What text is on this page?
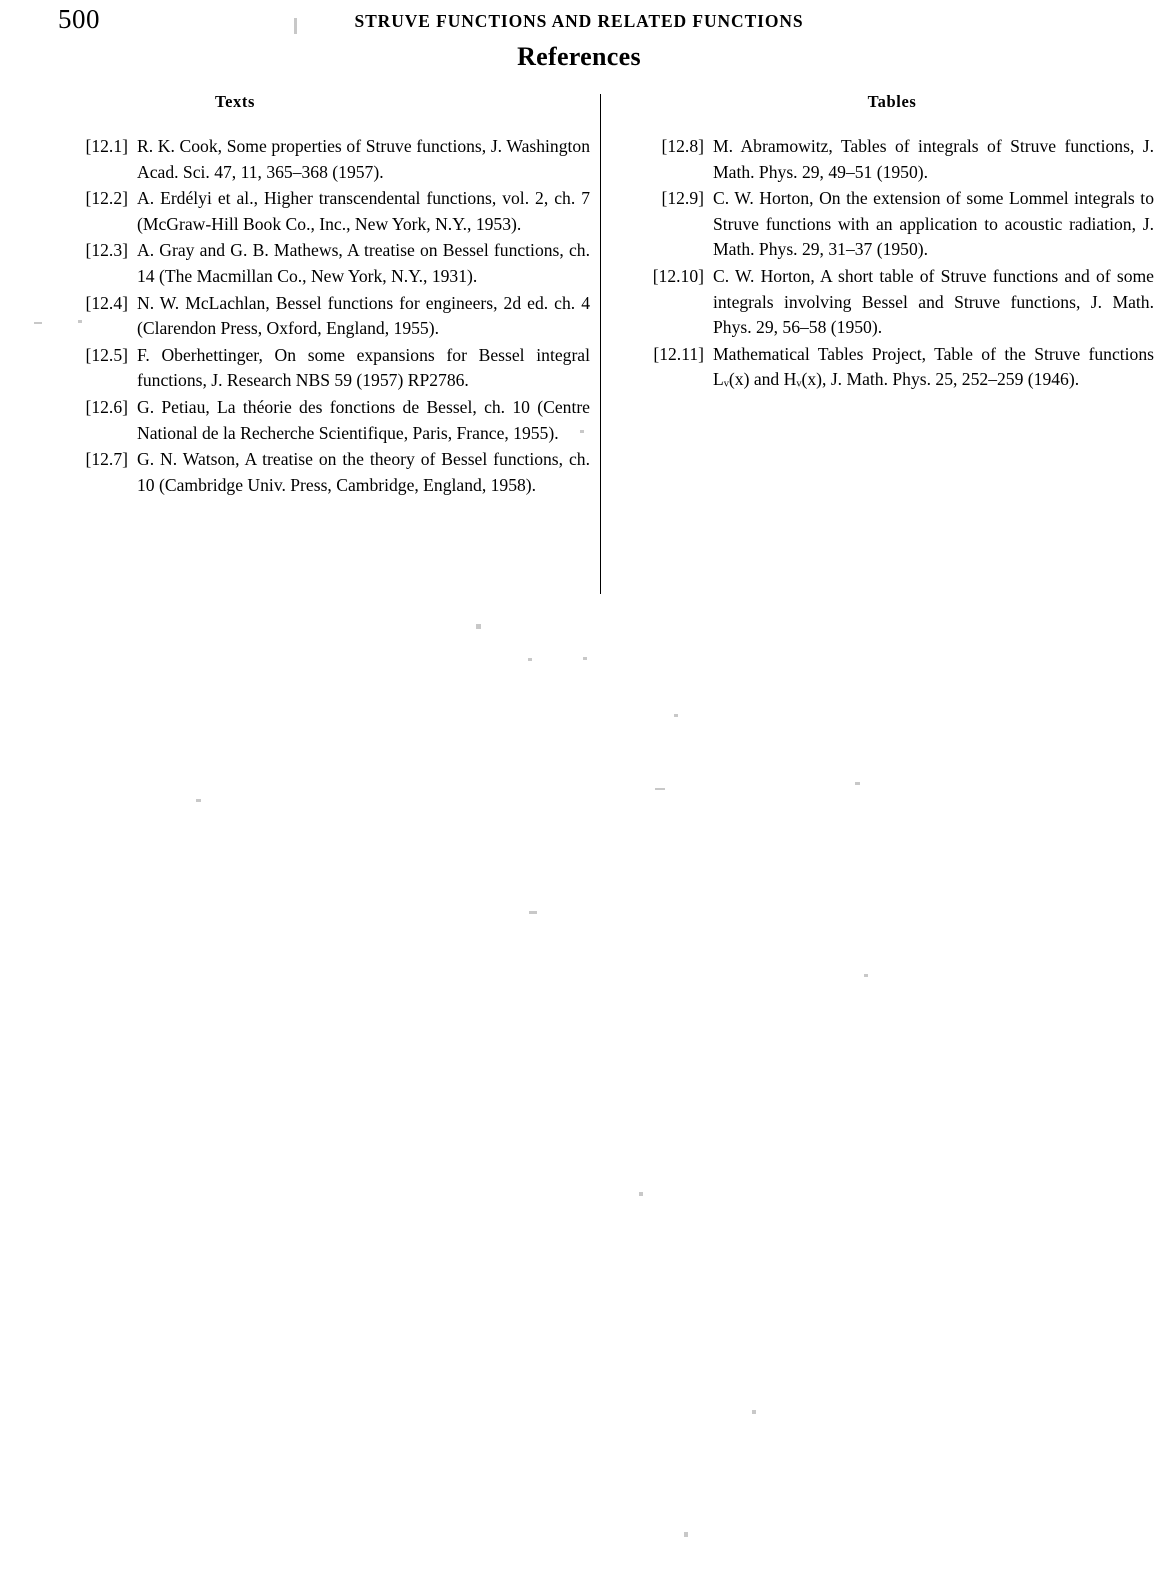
500	STRUVE FUNCTIONS AND RELATED FUNCTIONS
References
Texts
[12.1] R. K. Cook, Some properties of Struve functions, J. Washington Acad. Sci. 47, 11, 365–368 (1957).
[12.2] A. Erdélyi et al., Higher transcendental functions, vol. 2, ch. 7 (McGraw-Hill Book Co., Inc., New York, N.Y., 1953).
[12.3] A. Gray and G. B. Mathews, A treatise on Bessel functions, ch. 14 (The Macmillan Co., New York, N.Y., 1931).
[12.4] N. W. McLachlan, Bessel functions for engineers, 2d ed. ch. 4 (Clarendon Press, Oxford, England, 1955).
[12.5] F. Oberhettinger, On some expansions for Bessel integral functions, J. Research NBS 59 (1957) RP2786.
[12.6] G. Petiau, La théorie des fonctions de Bessel, ch. 10 (Centre National de la Recherche Scientifique, Paris, France, 1955).
[12.7] G. N. Watson, A treatise on the theory of Bessel functions, ch. 10 (Cambridge Univ. Press, Cambridge, England, 1958).
Tables
[12.8] M. Abramowitz, Tables of integrals of Struve functions, J. Math. Phys. 29, 49–51 (1950).
[12.9] C. W. Horton, On the extension of some Lommel integrals to Struve functions with an application to acoustic radiation, J. Math. Phys. 29, 31–37 (1950).
[12.10] C. W. Horton, A short table of Struve functions and of some integrals involving Bessel and Struve functions, J. Math. Phys. 29, 56–58 (1950).
[12.11] Mathematical Tables Project, Table of the Struve functions Lᵥ(x) and Hᵥ(x), J. Math. Phys. 25, 252–259 (1946).
